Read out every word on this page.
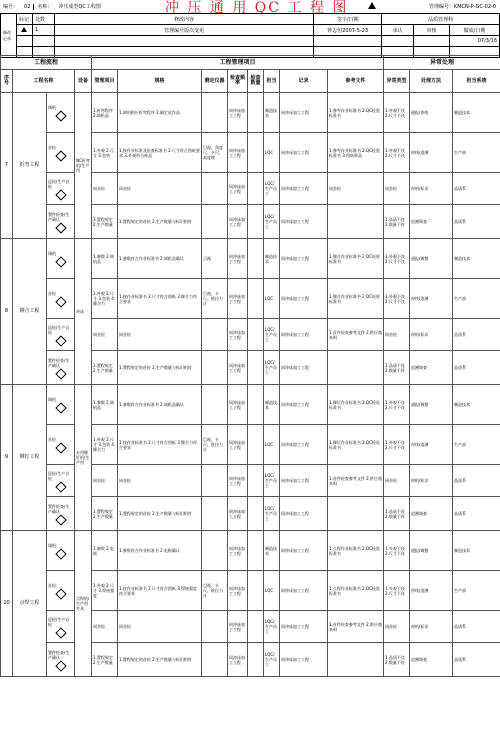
编号：	02	名称：	冲压成型QC工程图	冲 压 通 用 QC 工 程 图	管理编号：KMCN-P-GC-02-0
修改记录	标记	处数	修改内容	签字/日期	品质管理科		
		1	管理编号版次变更	钟志恒2007-5-23	承认	审核	做成/日期
							07/3/16

工程流程				工程管理项目								异常处理		
序号	工程名称		设备	管理项目	规格	测定仪器	检查频率	检查数量	担当	记录	参考文件	异常类型	处理方法	担当系统
7	折弯工程	调机	NC折弯机/生产用	1.折弯程序 2.调机品	1.调用相应折弯程序 2.确定试作品		同冲床加工工程		制造技术	同冲床加工工程	1.参考作业标准书 2.QC检验标准书	1.外观不良 2.尺寸不良	通报/停线	制造技术
		首检		1.外观 2.尺寸 3.包装	1.按作业标准及检查标准书 2.尺寸符合图纸要求 3.外观符合样品	目视、角度尺、卡尺、高度规	同冲床加工工程		LQC	同冲床加工工程	1.参考作业标准书 2.QC检验标准书 3.图纸样品	1.外观不良 2.尺寸不良	停线/追溯	生产部
		巡检/生产自检		同首检	同首检		同冲床加工工程		LQC/生产员工	同冲床加工工程	同首检	同首检	停机/标识	品质系
		置件检查/生产确认		1.置程规定 2.生产数量	1.置程规定的首检 2.生产数量与标识相符		同冲床加工工程		LQC/生产员工	同冲床加工工程		1.品质不良 2.数量不符	追溯调查	品质系
8	铆合工程	调机	冲床	1.参数 2.调机品	1.参数符合作业标准书 2.调机品确认	目视	同冲床加工工程		制造技术	同冲床加工工程	1.铆合作业标准书 2.QC检验标准书	1.外观不良 2.尺寸不良	通报/调整	制造技术
		首检		1.外观 2.尺寸 3.包装 4.铆合力	1.按作业标准书 2.尺寸符合图纸 3.铆合力符合要求	目视、卡尺、推拉力计	同冲床加工工程		LQC	同冲床加工工程	1.铆合作业标准书 2.QC检验标准书	1.外观不良 2.尺寸不良	停线/追溯	生产部
		巡检/生产自检		同首检	同首检		同冲床加工工程		LQC/生产员工	同冲床加工工程	1.首件检查参考文件 2.供应商来料	同首检	停机/标识	品质系
		置件检查/生产确认		1.置程规定 2.生产数量	1.置程规定的首检 2.生产数量与标识相符		同冲床加工工程		LQC/生产员工	同冲床加工工程		1.品质不良 2.数量不符	追溯调查	品质系
9	铆钉工程	调机	专用铆钉机/生产用	1.参数 2.调机品	1.参数符合作业标准书 2.调机品确认		同冲床加工工程		制造技术	同冲床加工工程	1.铆钉作业标准书 2.QC检验标准书	1.外观不良 2.尺寸不良	通报/调整	制造技术
		首检		1.外观 2.尺寸 3.包装 4.铆合力	1.按作业标准书 2.尺寸符合图纸 3.铆合力符合要求	目视、卡尺、推拉力计	同冲床加工工程		LQC	同冲床加工工程	1.铆钉作业标准书 2.QC检验标准书	1.外观不良 2.尺寸不良	停线/追溯	生产部
		巡检/生产自检		同首检	同首检		同冲床加工工程		LQC/生产员工	同冲床加工工程	1.首件检查参考文件 2.供应商来料	同首检	停机/标识	品质系
		置件检查/生产确认		1.置程规定 2.生产数量	1.置程规定的首检 2.生产数量与标识相符		同冲床加工工程		LQC/生产员工	同冲床加工工程		1.品质不良 2.数量不符	追溯调查	品质系
10	点焊工程	调机	点焊机/生产用夹具	1.参数 2.电极	1.参数符合作业标准书 2.电极确认		同冲床加工工程		制造技术	同冲床加工工程	1.点焊作业标准书 2.QC检验标准书	1.外观不良 2.尺寸不良	通报/调整	制造技术
		首检		1.外观 2.尺寸 3.焊接强度	1.按作业标准书 2.尺寸符合图纸 3.焊接强度符合要求	目视、卡尺、推拉力计	同冲床加工工程		LQC	同冲床加工工程	1.点焊作业标准书 2.QC检验标准书	1.外观不良 2.尺寸不良	停线/追溯	生产部
		巡检/生产自检		同首检	同首检		同冲床加工工程		LQC/生产员工	同冲床加工工程	1.首件检查参考文件 2.供应商来料	同首检	停机/标识	品质系
		置件检查/生产确认		1.置程规定 2.生产数量	1.置程规定的首检 2.生产数量与标识相符		同冲床加工工程		LQC/生产员工	同冲床加工工程		1.品质不良 2.数量不符	追溯调查	品质系
